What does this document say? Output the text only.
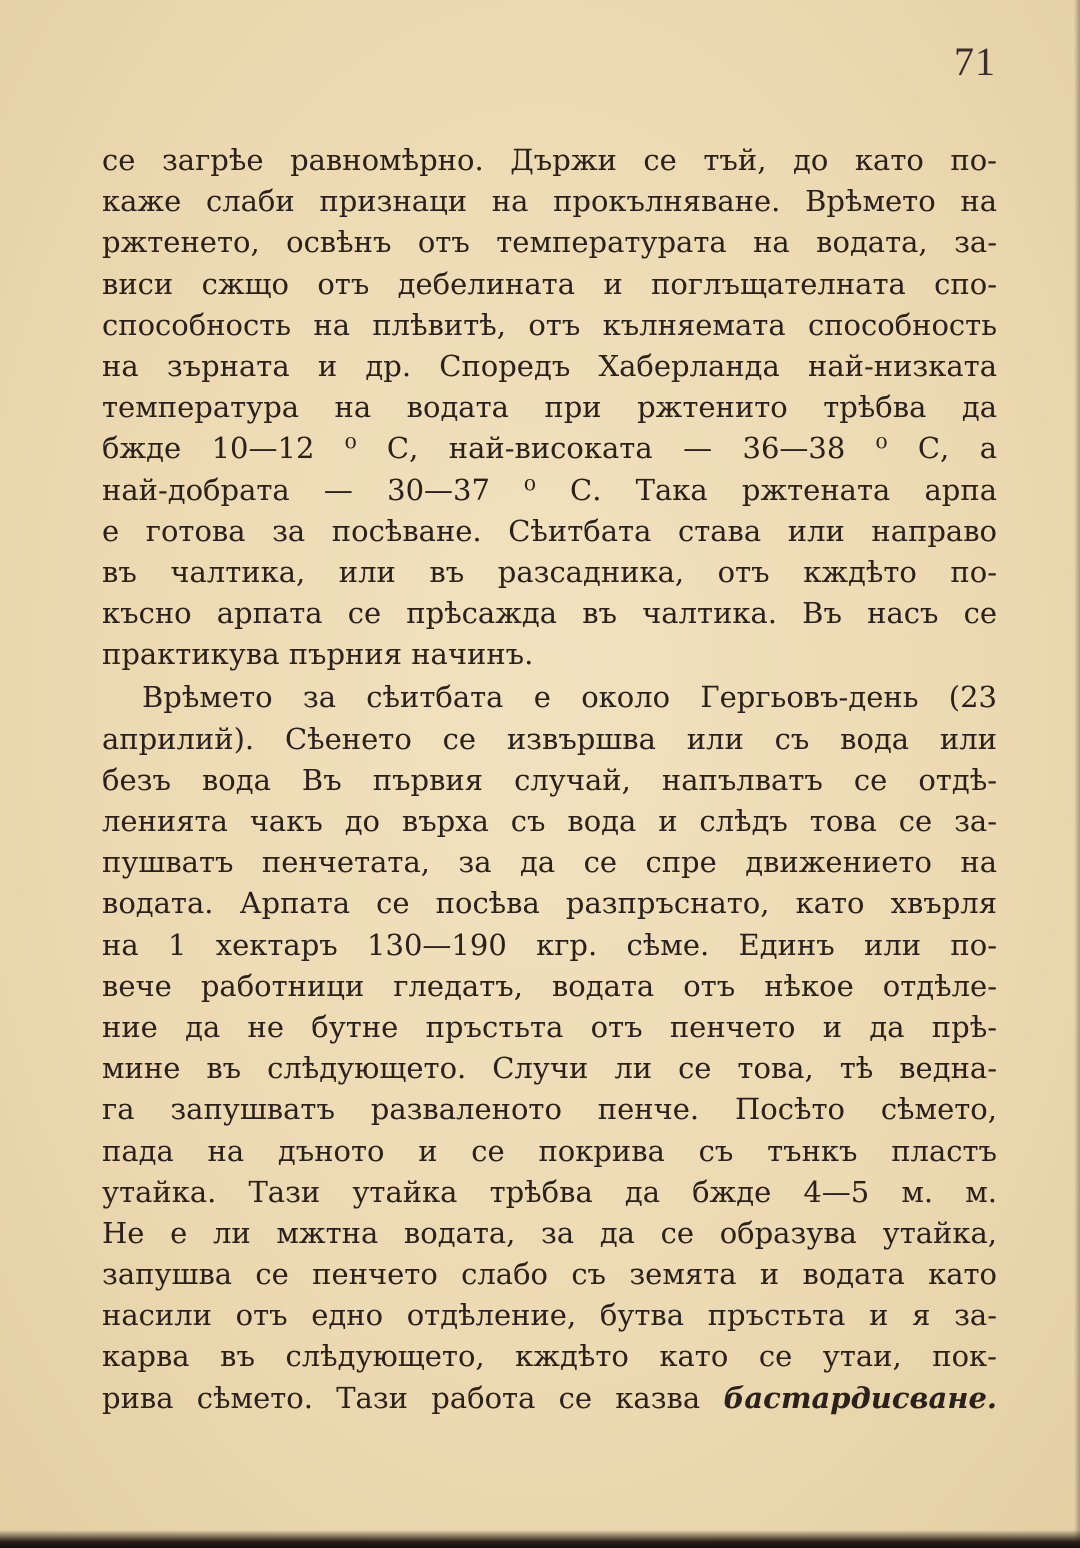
71
се загрѣе равномѣрно. Държи се тъй, до като по-
каже слаби признаци на прокълняване. Врѣмето на
ржтенето, освѣнъ отъ температурата на водата, за-
виси сжщо отъ дебелината и поглъщателната спо-
способность на плѣвитѣ, отъ кълняемата способность
на зърната и др. Споредъ Хаберланда най-низката
температура на водата при ржтенито трѣбва да
бжде 10—12 ⁰ С, най-високата — 36—38 ⁰ С, а
най-добрата — 30—37 ⁰ С. Така ржтената арпа
е готова за посѣване. Сѣитбата става или направо
въ чалтика, или въ разсадника, отъ кждѣто по-
късно арпата се прѣсажда въ чалтика. Въ насъ се
практикува пърния начинъ.
Врѣмето за сѣитбата е около Гергьовъ-день (23
априлий). Сѣенето се извършва или съ вода или
безъ вода Въ първия случай, напълватъ се отдѣ-
ленията чакъ до върха съ вода и слѣдъ това се за-
пушватъ пенчетата, за да се спре движението на
водата. Арпата се посѣва разпръснато, като хвърля
на 1 хектаръ 130—190 кгр. сѣме. Единъ или по-
вече работници гледатъ, водата отъ нѣкое отдѣле-
ние да не бутне пръстьта отъ пенчето и да прѣ-
мине въ слѣдующето. Случи ли се това, тѣ ведна-
га запушватъ разваленото пенче. Посѣто сѣмето,
пада на дъното и се покрива съ тънкъ пластъ
утайка. Тази утайка трѣбва да бжде 4—5 м. м.
Не е ли мжтна водата, за да се образува утайка,
запушва се пенчето слабо съ земята и водата като
насили отъ едно отдѣление, бутва пръстьта и я за-
карва въ слѣдующето, кждѣто като се утаи, пок-
рива сѣмето. Тази работа се казва бастардисване.
